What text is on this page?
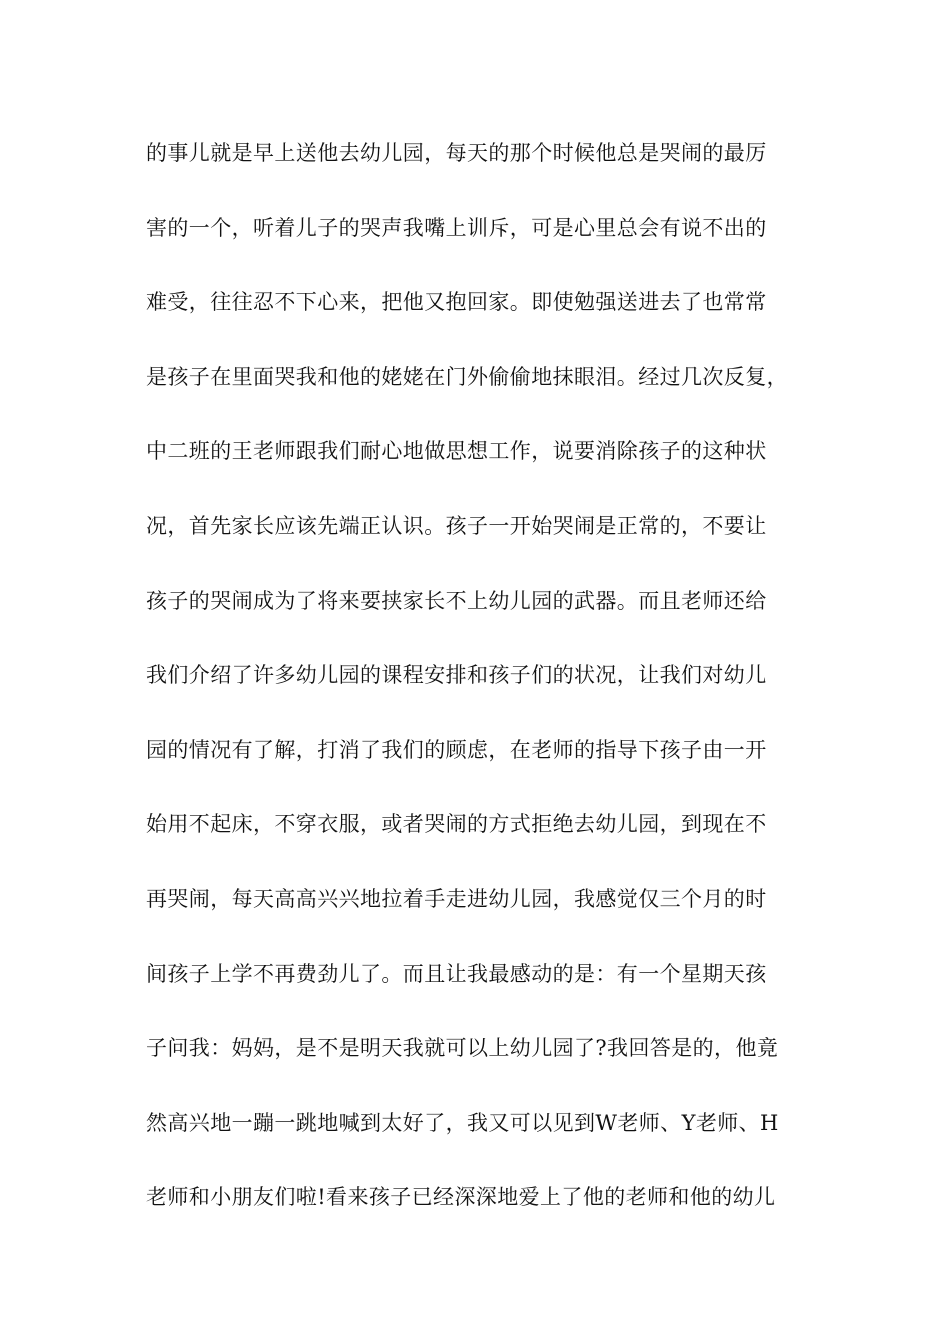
的事儿就是早上送他去幼儿园，每天的那个时候他总是哭闹的最厉
害的一个，听着儿子的哭声我嘴上训斥，可是心里总会有说不出的
难受，往往忍不下心来，把他又抱回家。即使勉强送进去了也常常
是孩子在里面哭我和他的姥姥在门外偷偷地抹眼泪。经过几次反复，
中二班的王老师跟我们耐心地做思想工作，说要消除孩子的这种状
况，首先家长应该先端正认识。孩子一开始哭闹是正常的，不要让
孩子的哭闹成为了将来要挟家长不上幼儿园的武器。而且老师还给
我们介绍了许多幼儿园的课程安排和孩子们的状况，让我们对幼儿
园的情况有了解，打消了我们的顾虑，在老师的指导下孩子由一开
始用不起床，不穿衣服，或者哭闹的方式拒绝去幼儿园，到现在不
再哭闹，每天高高兴兴地拉着手走进幼儿园，我感觉仅三个月的时
间孩子上学不再费劲儿了。而且让我最感动的是：有一个星期天孩
子问我：妈妈，是不是明天我就可以上幼儿园了?我回答是的，他竟
然高兴地一蹦一跳地喊到太好了，我又可以见到W老师、Y老师、H
老师和小朋友们啦!看来孩子已经深深地爱上了他的老师和他的幼儿
